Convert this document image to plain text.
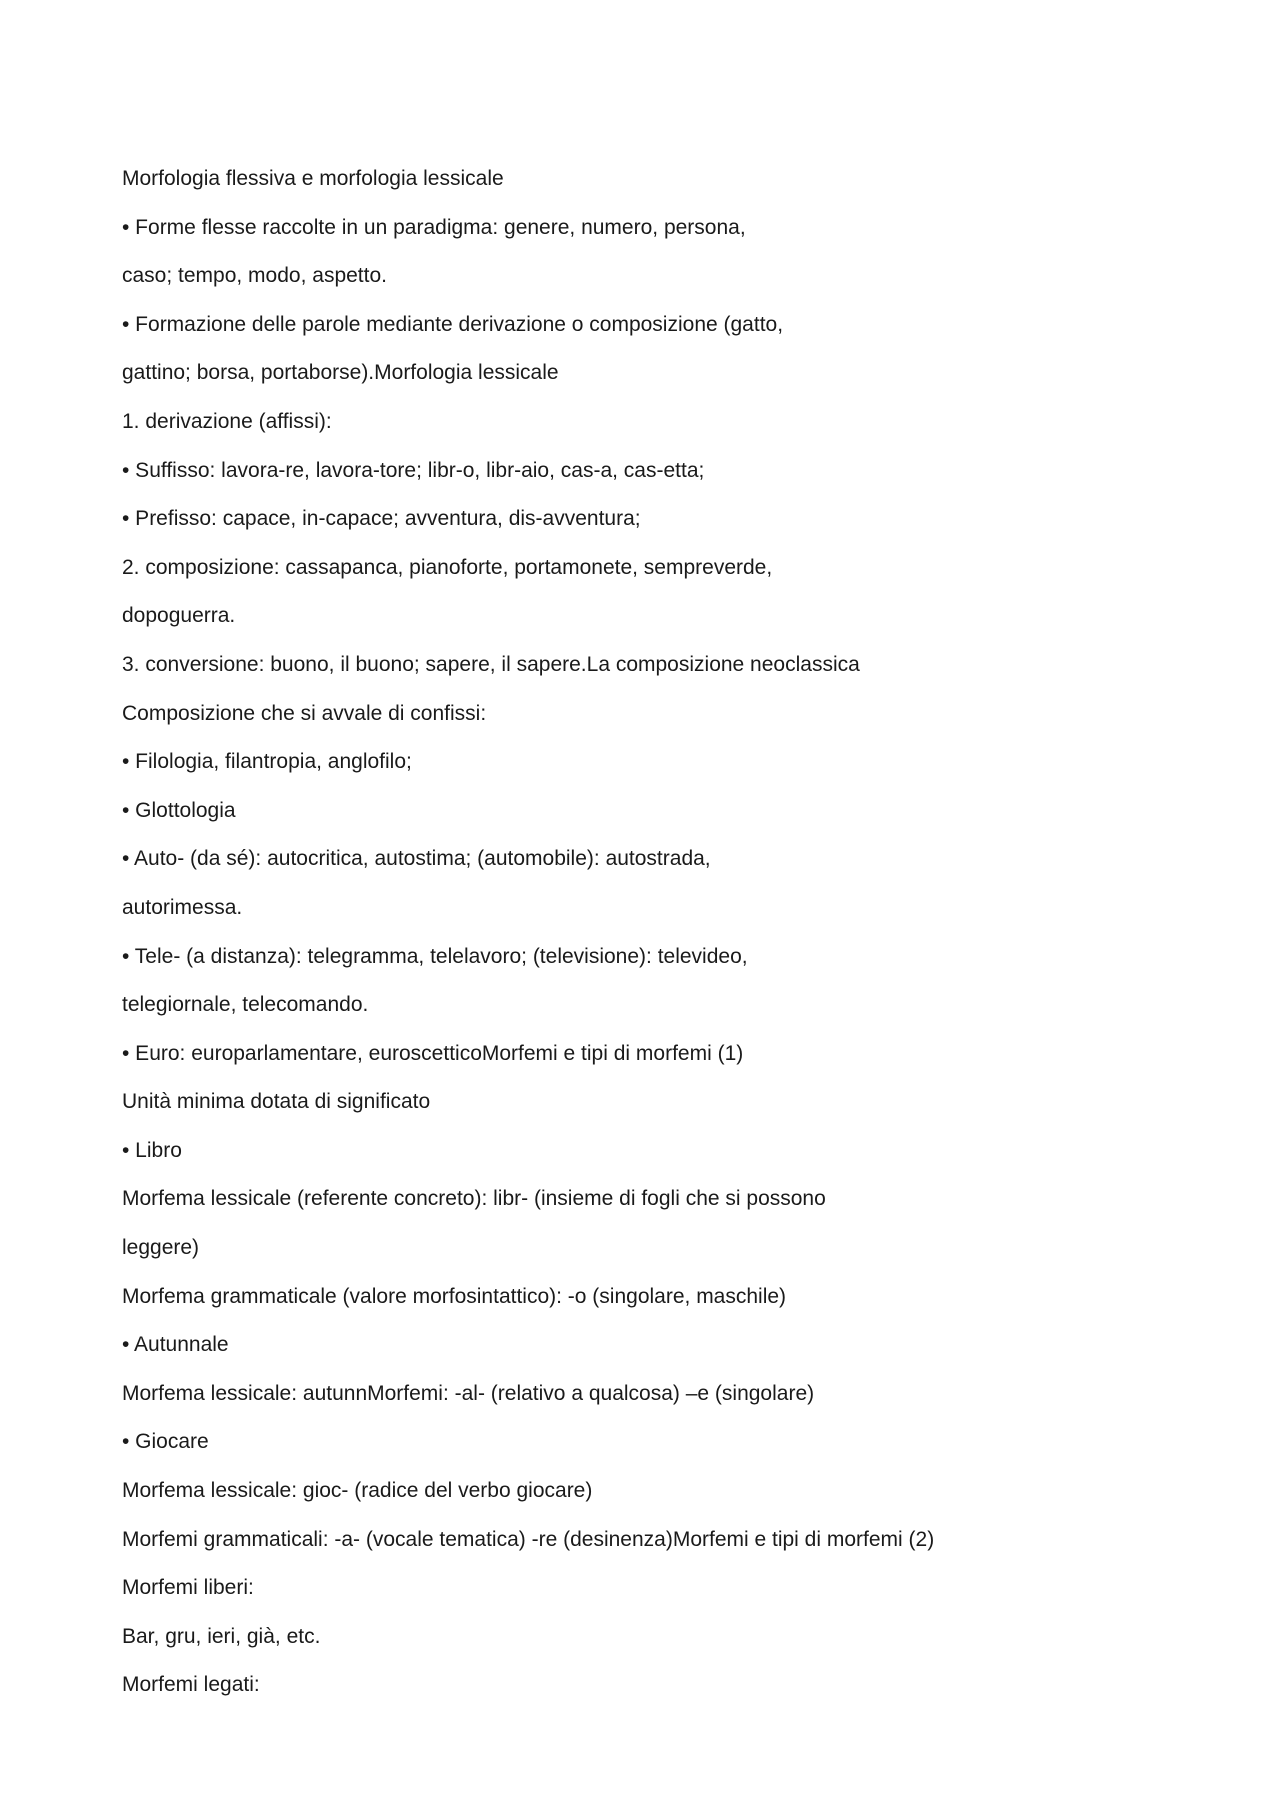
Morfologia flessiva e morfologia lessicale

• Forme flesse raccolte in un paradigma: genere, numero, persona,

caso; tempo, modo, aspetto.

• Formazione delle parole mediante derivazione o composizione (gatto,

gattino; borsa, portaborse).Morfologia lessicale

1. derivazione (affissi):

• Suffisso: lavora-re, lavora-tore; libr-o, libr-aio, cas-a, cas-etta;

• Prefisso: capace, in-capace; avventura, dis-avventura;

2. composizione: cassapanca, pianoforte, portamonete, sempreverde,

dopoguerra.

3. conversione: buono, il buono; sapere, il sapere.La composizione neoclassica

Composizione che si avvale di confissi:

• Filologia, filantropia, anglofilo;

• Glottologia

• Auto- (da sé): autocritica, autostima; (automobile): autostrada,

autorimessa.

• Tele- (a distanza): telegramma, telelavoro; (televisione): televideo,

telegiornale, telecomando.

• Euro: europarlamentare, euroscetticoMorfemi e tipi di morfemi (1)

Unità minima dotata di significato

• Libro

Morfema lessicale (referente concreto): libr- (insieme di fogli che si possono

leggere)

Morfema grammaticale (valore morfosintattico): -o (singolare, maschile)

• Autunnale

Morfema lessicale: autunnMorfemi: -al- (relativo a qualcosa) –e (singolare)

• Giocare

Morfema lessicale: gioc- (radice del verbo giocare)

Morfemi grammaticali: -a- (vocale tematica) -re (desinenza)Morfemi e tipi di morfemi (2)

Morfemi liberi:

Bar, gru, ieri, già, etc.

Morfemi legati:
